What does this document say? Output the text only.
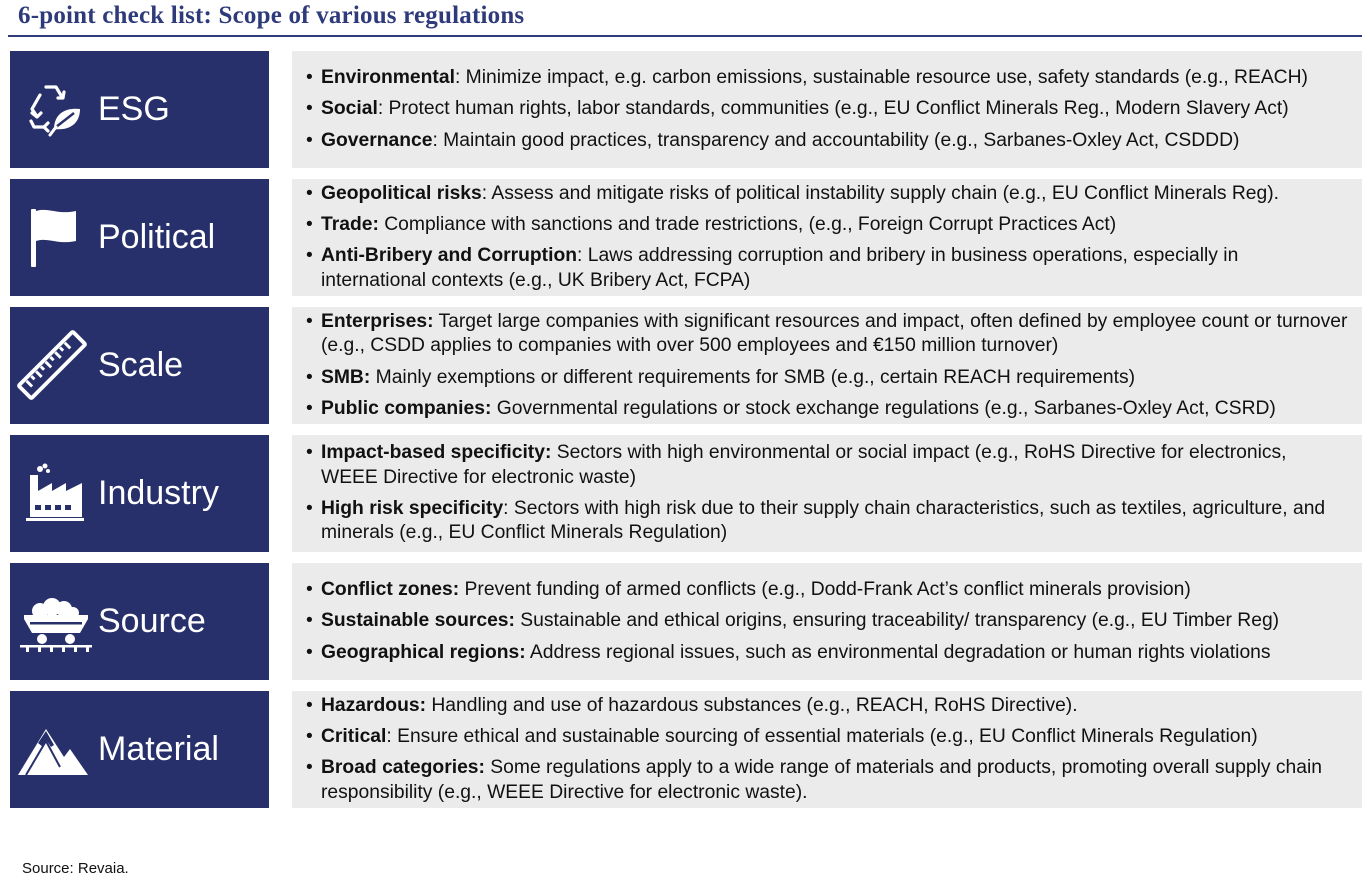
6-point check list: Scope of various regulations
ESG
• Environmental: Minimize impact, e.g. carbon emissions, sustainable resource use, safety standards (e.g., REACH)
• Social: Protect human rights, labor standards, communities (e.g., EU Conflict Minerals Reg., Modern Slavery Act)
• Governance: Maintain good practices, transparency and accountability (e.g., Sarbanes-Oxley Act, CSDDD)
Political
• Geopolitical risks: Assess and mitigate risks of political instability supply chain (e.g., EU Conflict Minerals Reg).
• Trade: Compliance with sanctions and trade restrictions, (e.g., Foreign Corrupt Practices Act)
• Anti-Bribery and Corruption: Laws addressing corruption and bribery in business operations, especially in international contexts (e.g., UK Bribery Act, FCPA)
Scale
• Enterprises: Target large companies with significant resources and impact, often defined by employee count or turnover (e.g., CSDD applies to companies with over 500 employees and €150 million turnover)
• SMB: Mainly exemptions or different requirements for SMB (e.g., certain REACH requirements)
• Public companies: Governmental regulations or stock exchange regulations (e.g., Sarbanes-Oxley Act, CSRD)
Industry
• Impact-based specificity: Sectors with high environmental or social impact (e.g., RoHS Directive for electronics, WEEE Directive for electronic waste)
• High risk specificity: Sectors with high risk due to their supply chain characteristics, such as textiles, agriculture, and minerals (e.g., EU Conflict Minerals Regulation)
Source
• Conflict zones: Prevent funding of armed conflicts (e.g., Dodd-Frank Act’s conflict minerals provision)
• Sustainable sources: Sustainable and ethical origins, ensuring traceability/ transparency (e.g., EU Timber Reg)
• Geographical regions: Address regional issues, such as environmental degradation or human rights violations
Material
• Hazardous: Handling and use of hazardous substances (e.g., REACH, RoHS Directive).
• Critical: Ensure ethical and sustainable sourcing of essential materials (e.g., EU Conflict Minerals Regulation)
• Broad categories: Some regulations apply to a wide range of materials and products, promoting overall supply chain responsibility (e.g., WEEE Directive for electronic waste).
Source: Revaia.
